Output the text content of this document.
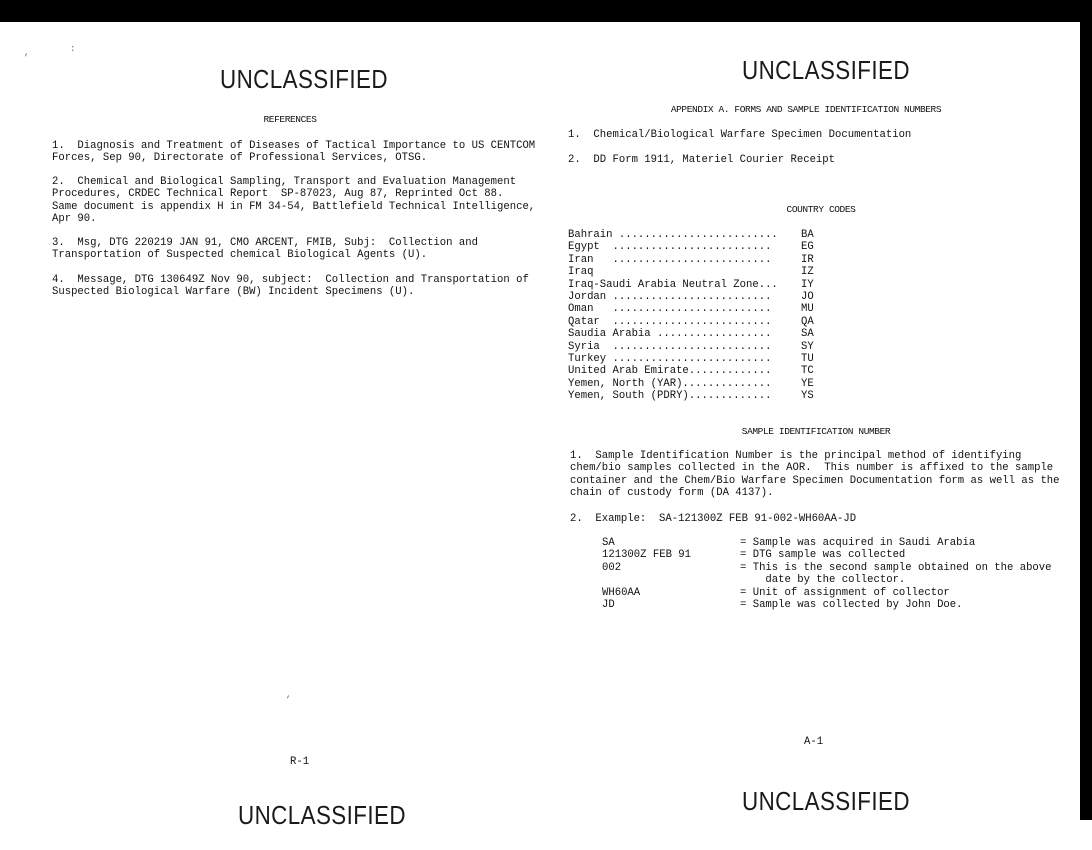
,	:
UNCLASSIFIED
REFERENCES
1.  Diagnosis and Treatment of Diseases of Tactical Importance to US CENTCOM
Forces, Sep 90, Directorate of Professional Services, OTSG.
2.  Chemical and Biological Sampling, Transport and Evaluation Management
Procedures, CRDEC Technical Report  SP-87023, Aug 87, Reprinted Oct 88.
Same document is appendix H in FM 34-54, Battlefield Technical Intelligence,
Apr 90.
3.  Msg, DTG 220219 JAN 91, CMO ARCENT, FMIB, Subj:  Collection and
Transportation of Suspected chemical Biological Agents (U).
4.  Message, DTG 130649Z Nov 90, subject:  Collection and Transportation of
Suspected Biological Warfare (BW) Incident Specimens (U).
,
R-1
UNCLASSIFIED
UNCLASSIFIED
APPENDIX A. FORMS AND SAMPLE IDENTIFICATION NUMBERS
1.  Chemical/Biological Warfare Specimen Documentation
2.  DD Form 1911, Materiel Courier Receipt
COUNTRY CODES
Bahrain .........................	BA
Egypt  .........................	EG
Iran   .........................	IR
Iraq	IZ
Iraq-Saudi Arabia Neutral Zone...	IY
Jordan .........................	JO
Oman   .........................	MU
Qatar  .........................	QA
Saudia Arabia ..................	SA
Syria  .........................	SY
Turkey .........................	TU
United Arab Emirate.............	TC
Yemen, North (YAR)..............	YE
Yemen, South (PDRY).............	YS
SAMPLE IDENTIFICATION NUMBER
1.  Sample Identification Number is the principal method of identifying
chem/bio samples collected in the AOR.  This number is affixed to the sample
container and the Chem/Bio Warfare Specimen Documentation form as well as the
chain of custody form (DA 4137).
2.  Example:  SA-121300Z FEB 91-002-WH60AA-JD
SA	= Sample was acquired in Saudi Arabia
121300Z FEB 91	= DTG sample was collected
002	= This is the second sample obtained on the above
date by the collector.
WH60AA	= Unit of assignment of collector
JD	= Sample was collected by John Doe.
A-1
UNCLASSIFIED
